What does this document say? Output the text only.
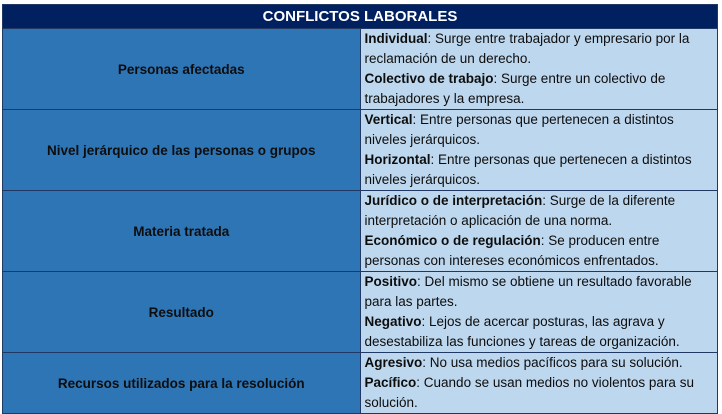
CONFLICTOS LABORALES	
Personas afectadas	Individual: Surge entre trabajador y empresario por la reclamación de un derecho.

Colectivo de trabajo: Surge entre un colectivo de trabajadores y la empresa.

Nivel jerárquico de las personas o grupos	Vertical: Entre personas que pertenecen a distintos niveles jerárquicos.

Horizontal: Entre personas que pertenecen a distintos niveles jerárquicos.

Materia tratada	Jurídico o de interpretación: Surge de la diferente interpretación o aplicación de una norma.

Económico o de regulación: Se producen entre personas con intereses económicos enfrentados.

Resultado	Positivo: Del mismo se obtiene un resultado favorable para las partes.

Negativo: Lejos de acercar posturas, las agrava y desestabiliza las funciones y tareas de organización.

Recursos utilizados para la resolución	Agresivo: No usa medios pacíficos para su solución.

Pacífico: Cuando se usan medios no violentos para su solución.
